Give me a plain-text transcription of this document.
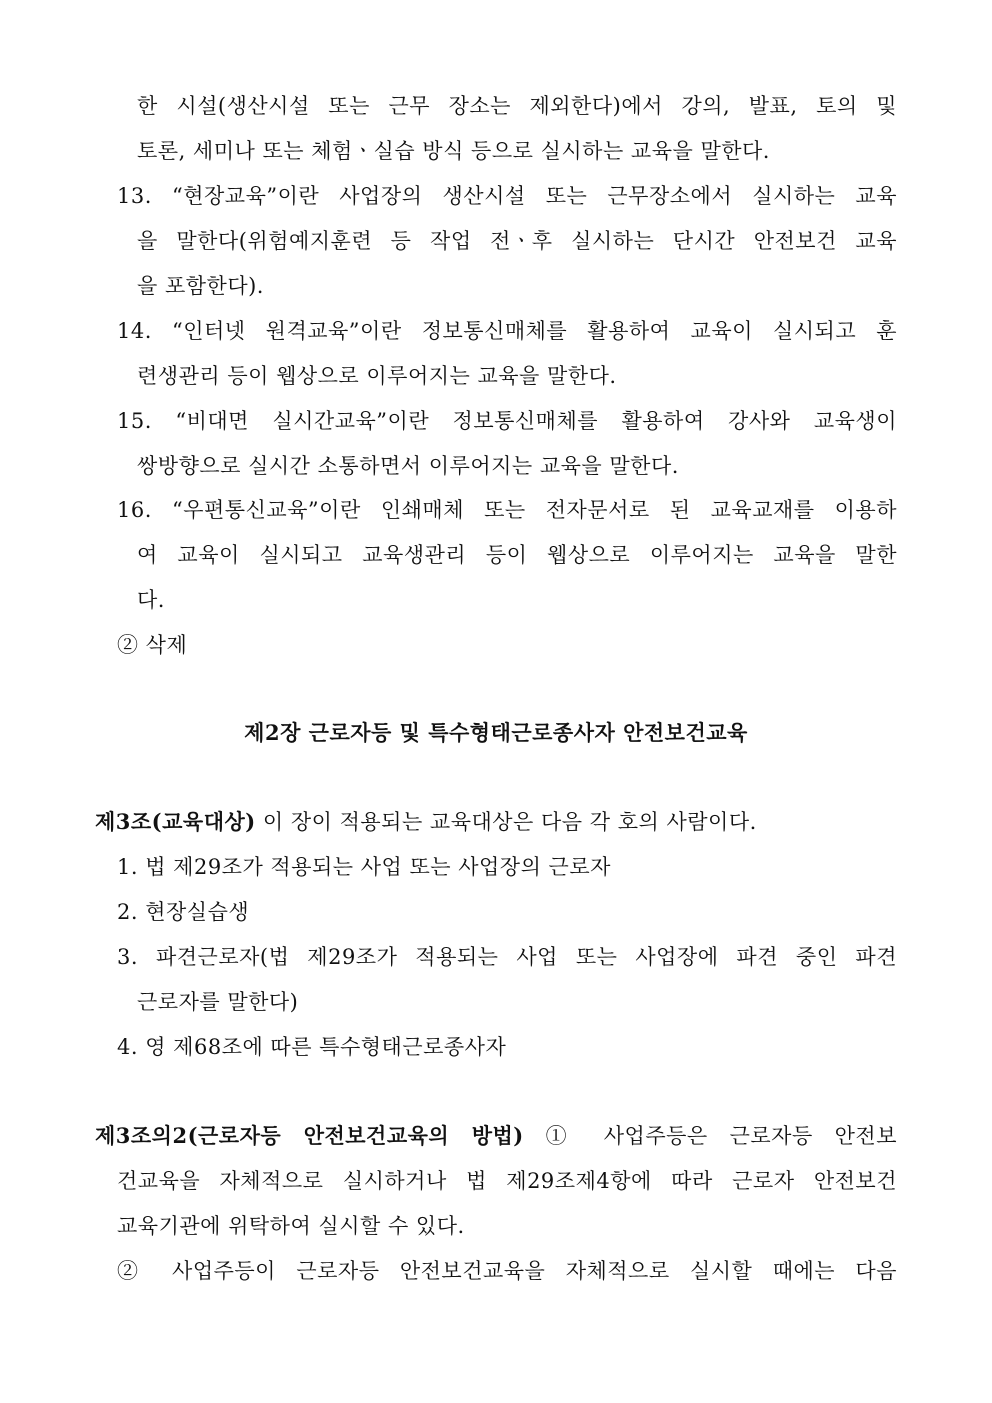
한 시설(생산시설 또는 근무 장소는 제외한다)에서 강의, 발표, 토의 및
토론, 세미나 또는 체험ㆍ실습 방식 등으로 실시하는 교육을 말한다.
13. “현장교육”이란 사업장의 생산시설 또는 근무장소에서 실시하는 교육
을 말한다(위험예지훈련 등 작업 전ㆍ후 실시하는 단시간 안전보건 교육
을 포함한다).
14. “인터넷 원격교육”이란 정보통신매체를 활용하여 교육이 실시되고 훈
련생관리 등이 웹상으로 이루어지는 교육을 말한다.
15. “비대면 실시간교육”이란 정보통신매체를 활용하여 강사와 교육생이
쌍방향으로 실시간 소통하면서 이루어지는 교육을 말한다.
16. “우편통신교육”이란 인쇄매체 또는 전자문서로 된 교육교재를 이용하
여 교육이 실시되고 교육생관리 등이 웹상으로 이루어지는 교육을 말한
다.
② 삭제
제2장 근로자등 및 특수형태근로종사자 안전보건교육
제3조(교육대상) 이 장이 적용되는 교육대상은 다음 각 호의 사람이다.
1. 법 제29조가 적용되는 사업 또는 사업장의 근로자
2. 현장실습생
3. 파견근로자(법 제29조가 적용되는 사업 또는 사업장에 파견 중인 파견
근로자를 말한다)
4. 영 제68조에 따른 특수형태근로종사자
제3조의2(근로자등 안전보건교육의 방법) ① 사업주등은 근로자등 안전보
건교육을 자체적으로 실시하거나 법 제29조제4항에 따라 근로자 안전보건
교육기관에 위탁하여 실시할 수 있다.
② 사업주등이 근로자등 안전보건교육을 자체적으로 실시할 때에는 다음
